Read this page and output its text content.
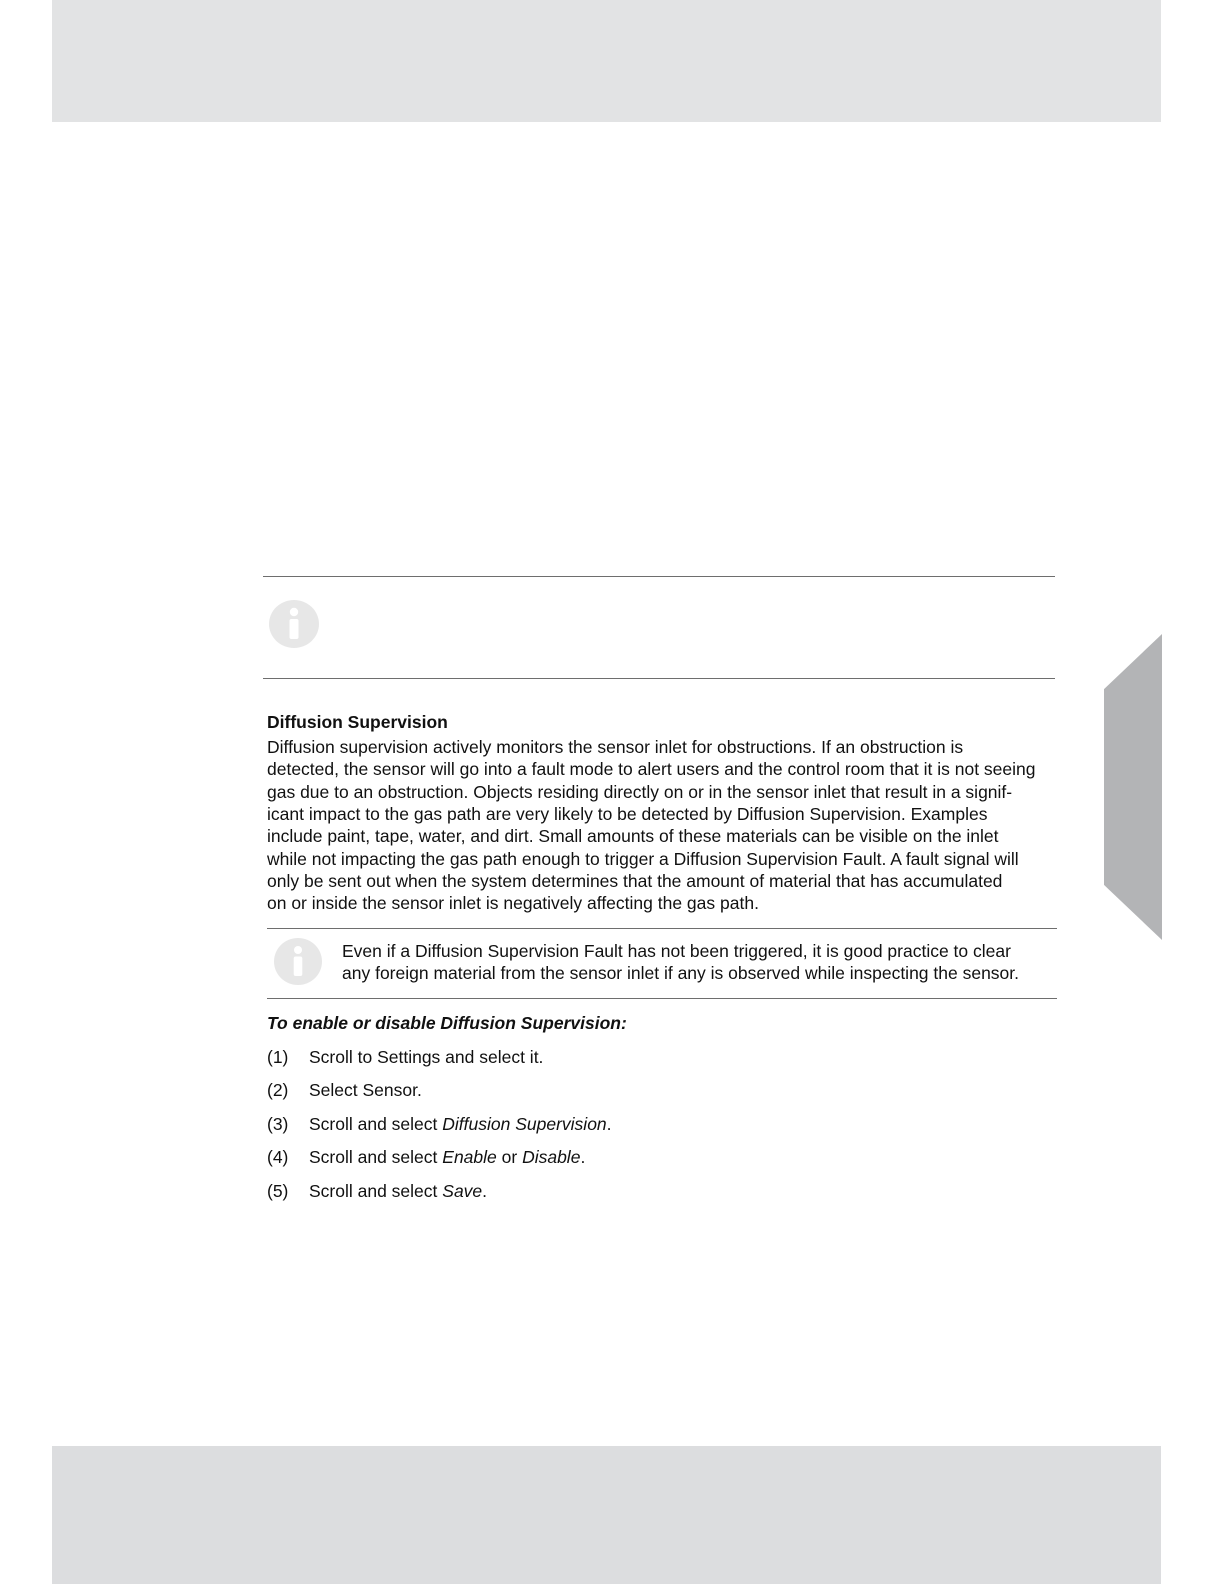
Diffusion Supervision

Diffusion supervision actively monitors the sensor inlet for obstructions. If an obstruction is

detected, the sensor will go into a fault mode to alert users and the control room that it is not seeing

gas due to an obstruction. Objects residing directly on or in the sensor inlet that result in a signif-

icant impact to the gas path are very likely to be detected by Diffusion Supervision. Examples

include paint, tape, water, and dirt. Small amounts of these materials can be visible on the inlet

while not impacting the gas path enough to trigger a Diffusion Supervision Fault. A fault signal will

only be sent out when the system determines that the amount of material that has accumulated

on or inside the sensor inlet is negatively affecting the gas path.

Even if a Diffusion Supervision Fault has not been triggered, it is good practice to clear

any foreign material from the sensor inlet if any is observed while inspecting the sensor.

To enable or disable Diffusion Supervision:
(1) Scroll to Settings and select it.
(2) Select Sensor.
(3) Scroll and select Diffusion Supervision.
(4) Scroll and select Enable or Disable.
(5) Scroll and select Save.
